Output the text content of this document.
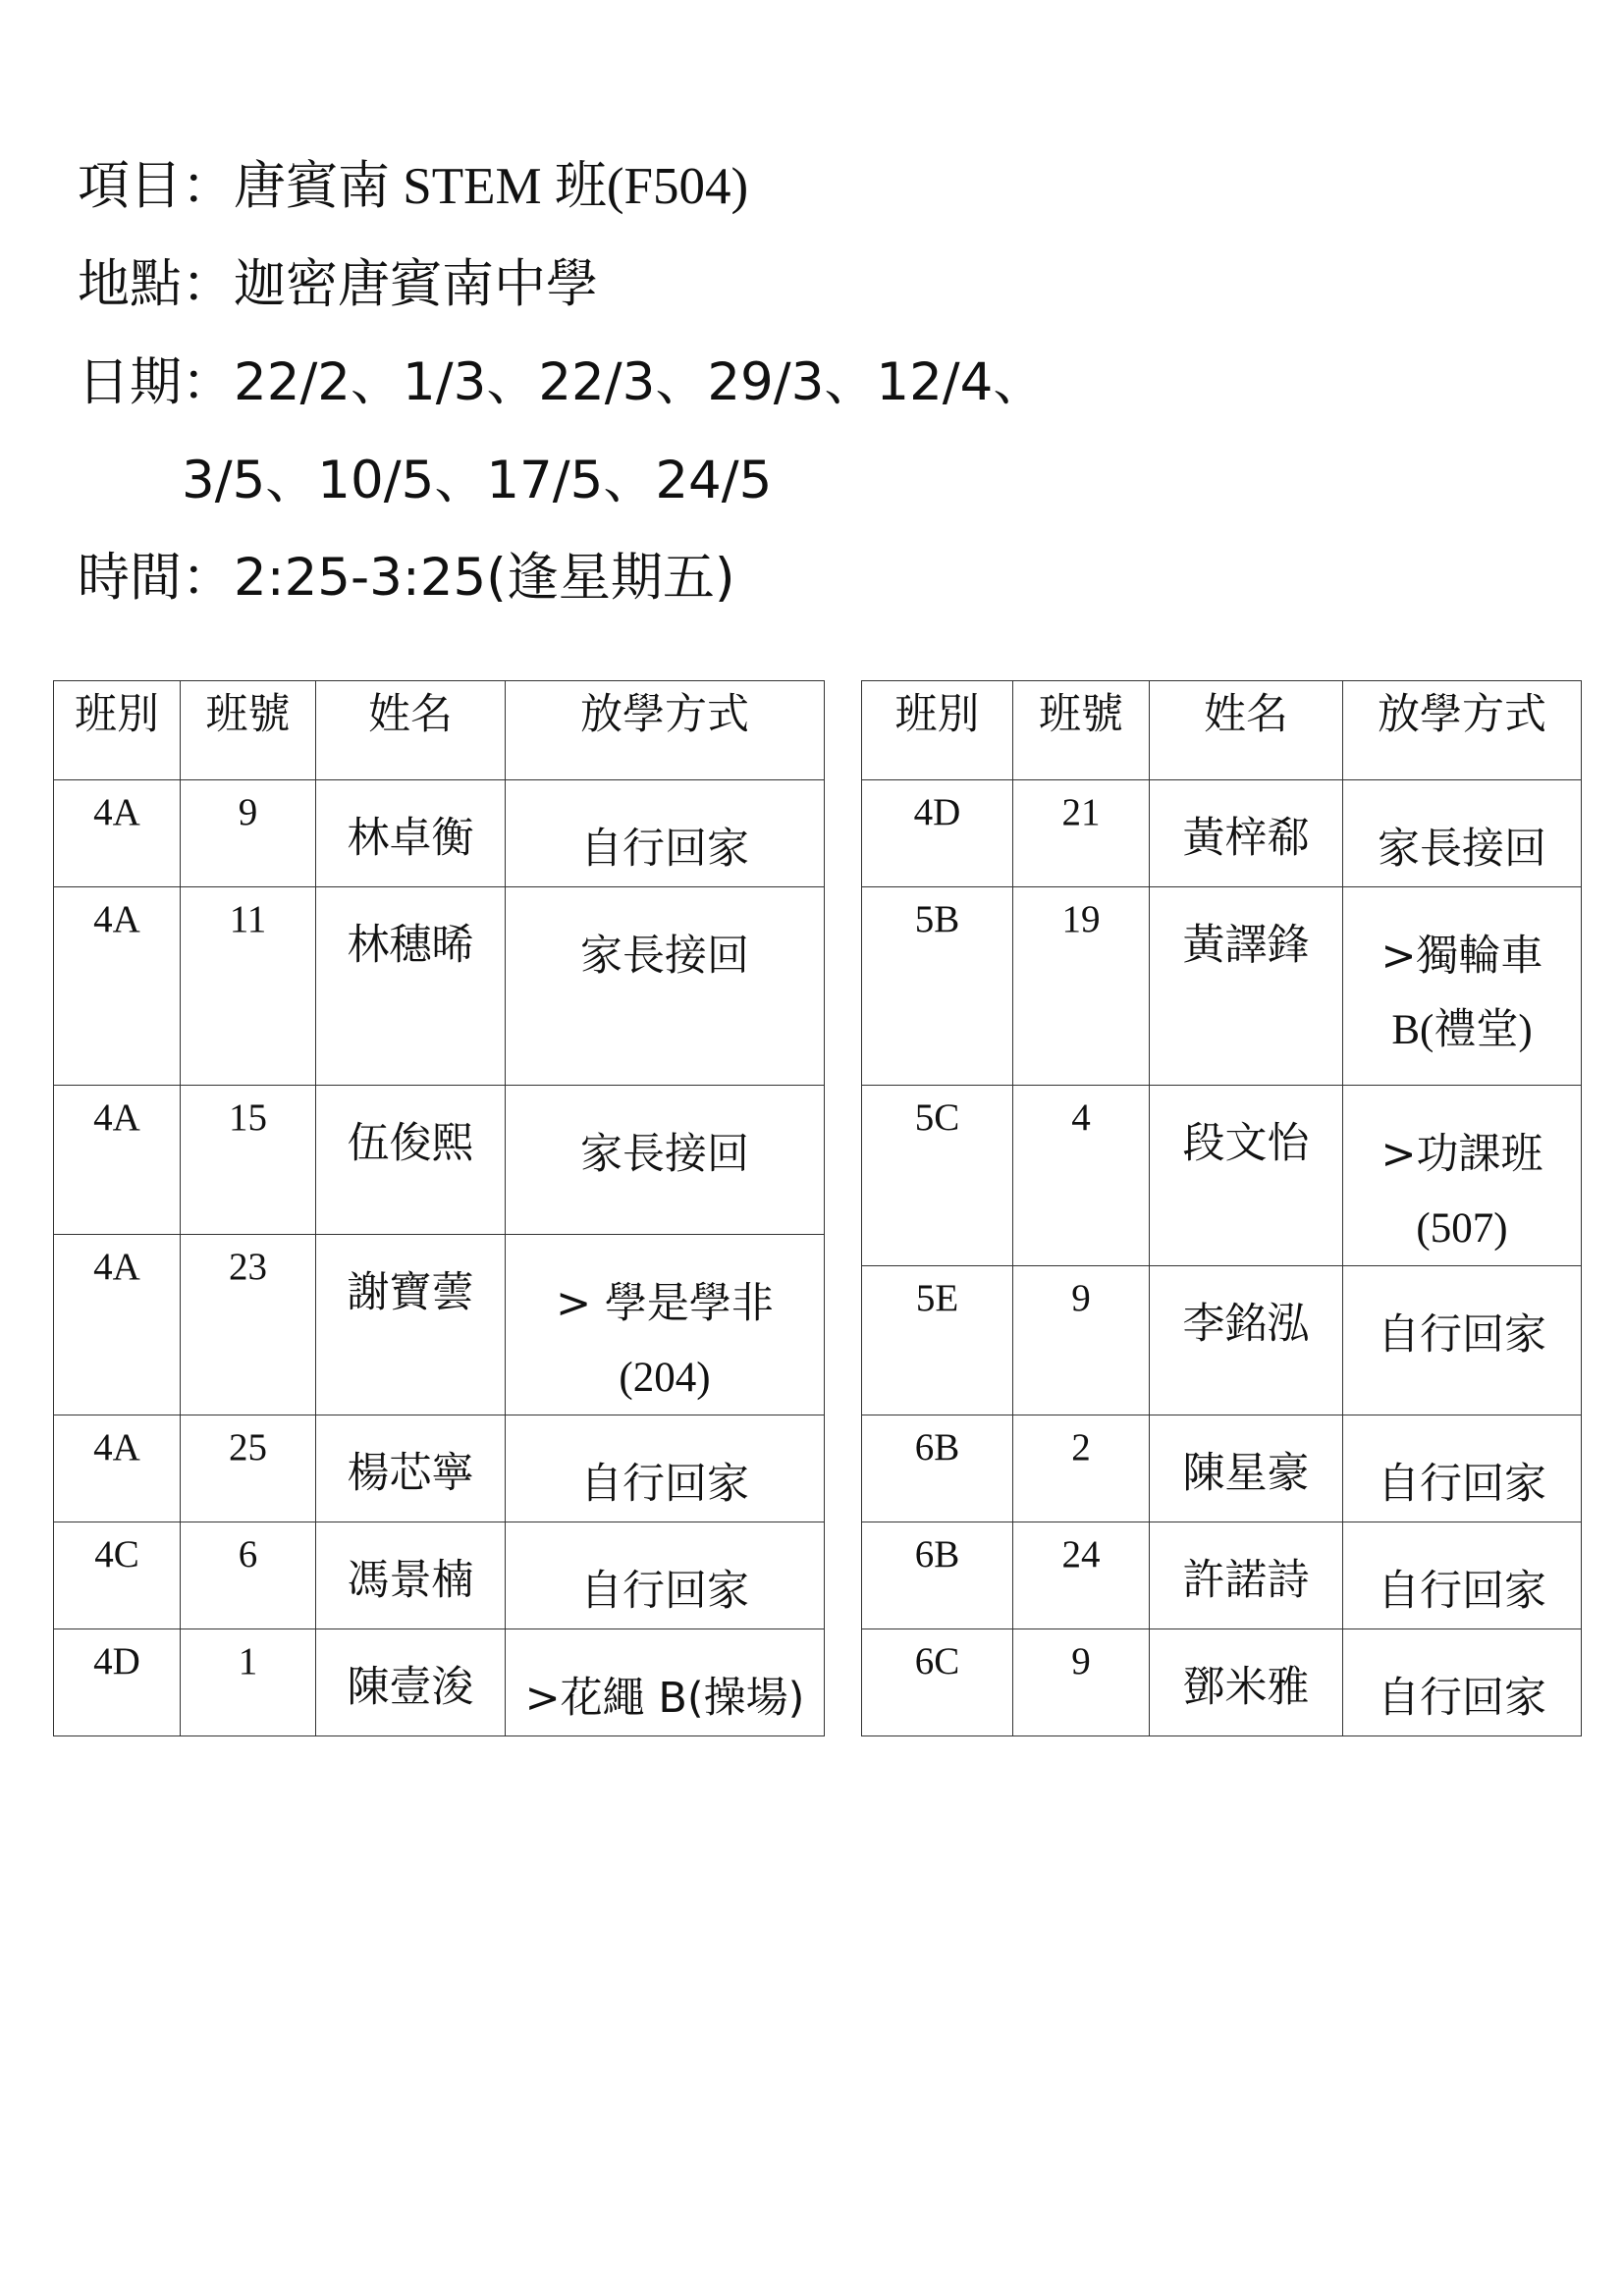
項目：唐賓南 STEM 班(F504)
地點：迦密唐賓南中學
日期：22/2、1/3、22/3、29/3、12/4、
3/5、10/5、17/5、24/5
時間：2:25-3:25(逢星期五)
班別	班號	姓名	放學方式
4A	9	林卓衡	自行回家
4A	11	林穗晞	家長接回
4A	15	伍俊熙	家長接回
4A	23	謝寶蕓	> 學是學非
(204)
4A	25	楊芯寧	自行回家
4C	6	馮景楠	自行回家
4D	1	陳壹浚	>花繩 B(操場)
班別	班號	姓名	放學方式
4D	21	黃梓郗	家長接回
5B	19	黃譯鋒	>獨輪車
B(禮堂)
5C	4	段文怡	>功課班
(507)
5E	9	李銘泓	自行回家
6B	2	陳星豪	自行回家
6B	24	許諾詩	自行回家
6C	9	鄧米雅	自行回家
